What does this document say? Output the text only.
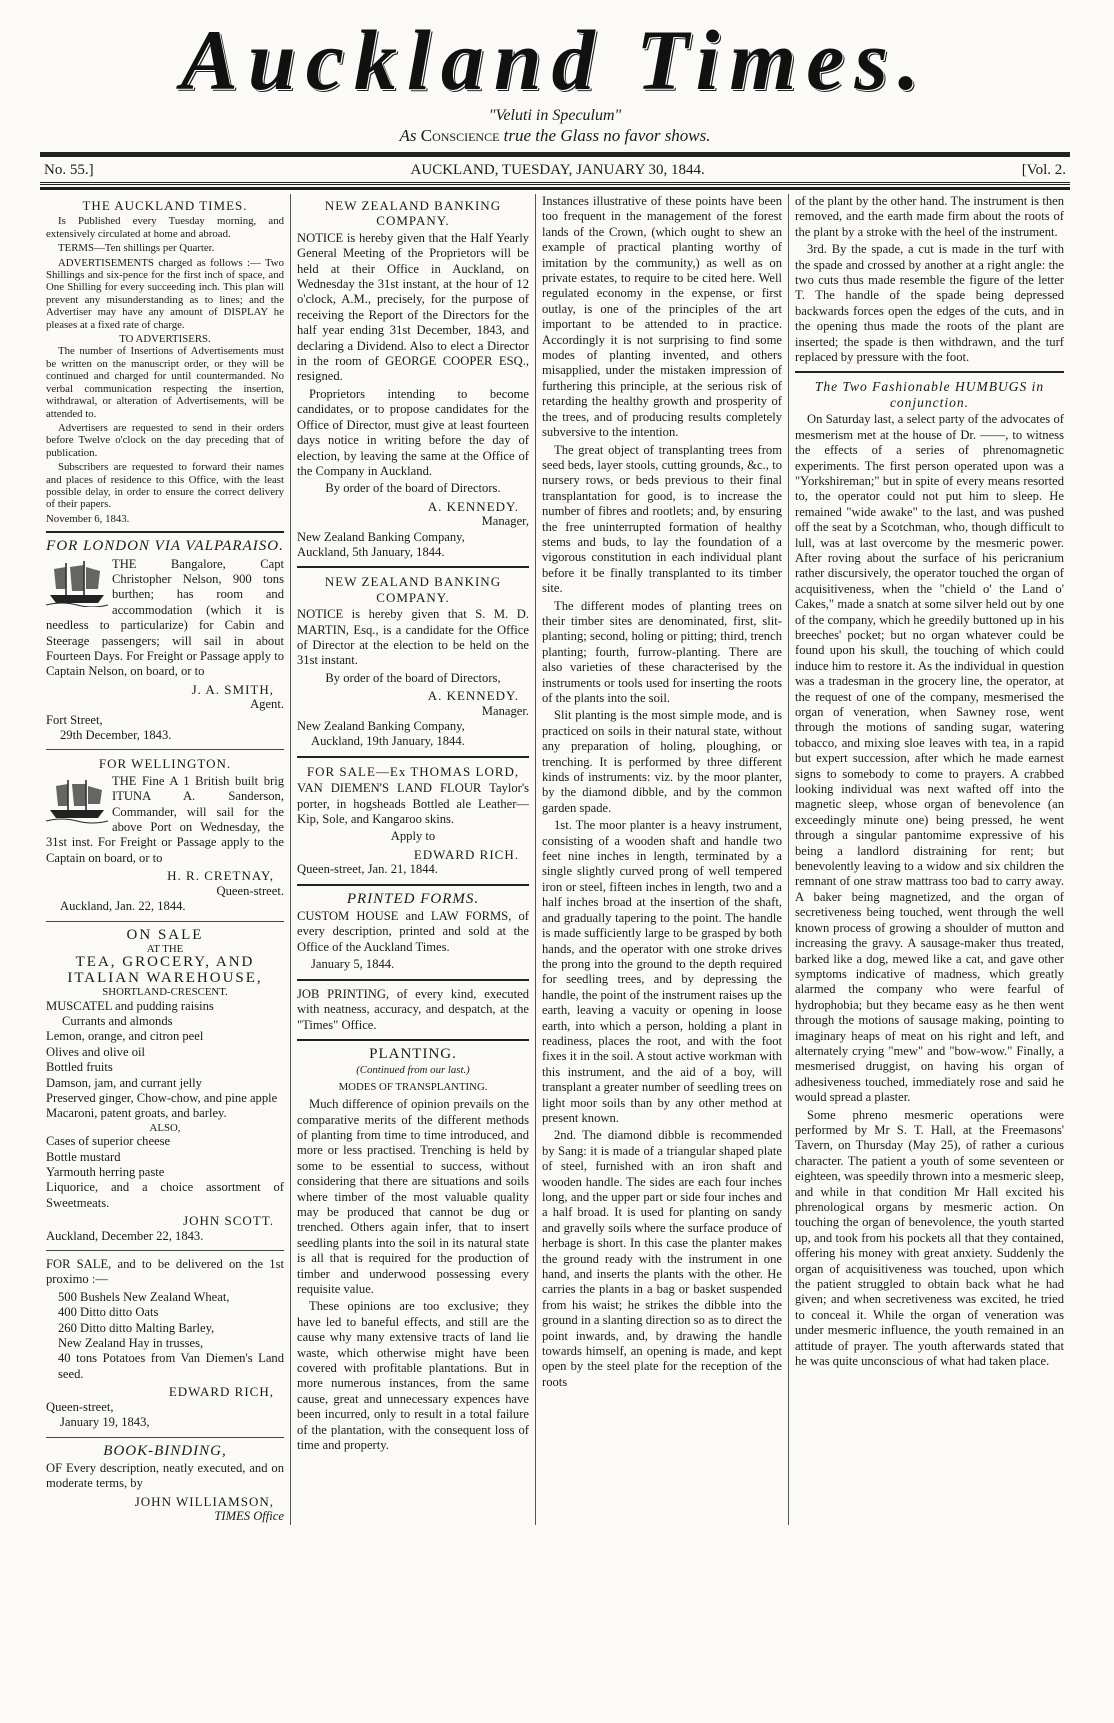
Auckland Times.
"Veluti in Speculum"
As Conscience true the Glass no favor shows.
No. 55.]	AUCKLAND, TUESDAY, JANUARY 30, 1844.	[Vol. 2.
THE AUCKLAND TIMES.

Is Published every Tuesday morning, and extensively circulated at home and abroad.

TERMS—Ten shillings per Quarter.

ADVERTISEMENTS charged as follows :— Two Shillings and six-pence for the first inch of space, and One Shilling for every succeeding inch. This plan will prevent any misunderstanding as to lines; and the Advertiser may have any amount of DISPLAY he pleases at a fixed rate of charge.

TO ADVERTISERS.

The number of Insertions of Advertisements must be written on the manuscript order, or they will be continued and charged for until countermanded. No verbal communication respecting the insertion, withdrawal, or alteration of Advertisements, will be attended to.

Advertisers are requested to send in their orders before Twelve o'clock on the day preceding that of publication.

Subscribers are requested to forward their names and places of residence to this Office, with the least possible delay, in order to ensure the correct delivery of their papers.

November 6, 1843.
FOR LONDON VIA VALPARAISO.

THE Bangalore, Capt Christopher Nelson, 900 tons burthen; has room and accommodation (which it is needless to particularize) for Cabin and Steerage passengers; will sail in about Fourteen Days. For Freight or Passage apply to Captain Nelson, on board, or to

J. A. SMITH,
Agent.
Fort Street,
29th December, 1843.
FOR WELLINGTON.

THE Fine A 1 British built brig ITUNA A. Sanderson, Commander, will sail for the above Port on Wednesday, the 31st inst. For Freight or Passage apply to the Captain on board, or to

H. R. CRETNAY,
Queen-street.
Auckland, Jan. 22, 1844.
ON SALE
AT THE
TEA, GROCERY, AND ITALIAN WAREHOUSE,
SHORTLAND-CRESCENT.
MUSCATEL and pudding raisins
Currants and almonds
Lemon, orange, and citron peel
Olives and olive oil
Bottled fruits
Damson, jam, and currant jelly
Preserved ginger, Chow-chow, and pine apple
Macaroni, patent groats, and barley.
ALSO,
Cases of superior cheese
Bottle mustard
Yarmouth herring paste
Liquorice, and a choice assortment of Sweetmeats.
JOHN SCOTT.
Auckland, December 22, 1843.

FOR SALE, and to be delivered on the 1st proximo :—

500 Bushels New Zealand Wheat,
400 Ditto ditto Oats
260 Ditto ditto Malting Barley,
New Zealand Hay in trusses,
40 tons Potatoes from Van Diemen's Land seed.
EDWARD RICH,
Queen-street,
January 19, 1843,
BOOK-BINDING,

OF Every description, neatly executed, and on moderate terms, by

JOHN WILLIAMSON,
TIMES Office
NEW ZEALAND BANKING COMPANY.

NOTICE is hereby given that the Half Yearly General Meeting of the Proprietors will be held at their Office in Auckland, on Wednesday the 31st instant, at the hour of 12 o'clock, A.M., precisely, for the purpose of receiving the Report of the Directors for the half year ending 31st December, 1843, and declaring a Dividend. Also to elect a Director in the room of GEORGE COOPER ESQ., resigned.

Proprietors intending to become candidates, or to propose candidates for the Office of Director, must give at least fourteen days notice in writing before the day of election, by leaving the same at the Office of the Company in Auckland.

By order of the board of Directors.
A. KENNEDY.
Manager,
New Zealand Banking Company,
Auckland, 5th January, 1844.
NEW ZEALAND BANKING COMPANY.

NOTICE is hereby given that S. M. D. MARTIN, Esq., is a candidate for the Office of Director at the election to be held on the 31st instant.

By order of the board of Directors,
A. KENNEDY.
Manager.
New Zealand Banking Company,
Auckland, 19th January, 1844.
FOR SALE—Ex THOMAS LORD,

VAN DIEMEN'S LAND FLOUR Taylor's porter, in hogsheads Bottled ale Leather—Kip, Sole, and Kangaroo skins.

Apply to
EDWARD RICH.
Queen-street, Jan. 21, 1844.
PRINTED FORMS.

CUSTOM HOUSE and LAW FORMS, of every description, printed and sold at the Office of the Auckland Times.

January 5, 1844.

JOB PRINTING, of every kind, executed with neatness, accuracy, and despatch, at the "Times" Office.

PLANTING.
(Continued from our last.)
MODES OF TRANSPLANTING.

Much difference of opinion prevails on the comparative merits of the different methods of planting from time to time introduced, and more or less practised. Trenching is held by some to be essential to success, without considering that there are situations and soils where timber of the most valuable quality may be produced that cannot be dug or trenched. Others again infer, that to insert seedling plants into the soil in its natural state is all that is required for the production of timber and underwood possessing every requisite value.

These opinions are too exclusive; they have led to baneful effects, and still are the cause why many extensive tracts of land lie waste, which otherwise might have been covered with profitable plantations. But in more numerous instances, from the same cause, great and unnecessary expences have been incurred, only to result in a total failure of the plantation, with the consequent loss of time and property.

Instances illustrative of these points have been too frequent in the management of the forest lands of the Crown, (which ought to shew an example of practical planting worthy of imitation by the community,) as well as on private estates, to require to be cited here. Well regulated economy in the expense, or first outlay, is one of the principles of the art important to be attended to in practice. Accordingly it is not surprising to find some modes of planting invented, and others misapplied, under the mistaken impression of furthering this principle, at the serious risk of retarding the healthy growth and prosperity of the trees, and of producing results completely subversive to the intention.

The great object of transplanting trees from seed beds, layer stools, cutting grounds, &c., to nursery rows, or beds previous to their final transplantation for good, is to increase the number of fibres and rootlets; and, by ensuring the free uninterrupted formation of healthy stems and buds, to lay the foundation of a vigorous constitution in each individual plant before it be finally transplanted to its timber site.

The different modes of planting trees on their timber sites are denominated, first, slit-planting; second, holing or pitting; third, trench planting; fourth, furrow-planting. There are also varieties of these characterised by the instruments or tools used for inserting the roots of the plants into the soil.

Slit planting is the most simple mode, and is practiced on soils in their natural state, without any preparation of holing, ploughing, or trenching. It is performed by three different kinds of instruments: viz. by the moor planter, by the diamond dibble, and by the common garden spade.

1st. The moor planter is a heavy instrument, consisting of a wooden shaft and handle two feet nine inches in length, terminated by a single slightly curved prong of well tempered iron or steel, fifteen inches in length, two and a half inches broad at the insertion of the shaft, and gradually tapering to the point. The handle is made sufficiently large to be grasped by both hands, and the operator with one stroke drives the prong into the ground to the depth required for seedling trees, and by depressing the handle, the point of the instrument raises up the earth, leaving a vacuity or opening in loose earth, into which a person, holding a plant in readiness, places the root, and with the foot fixes it in the soil. A stout active workman with this instrument, and the aid of a boy, will transplant a greater number of seedling trees on light moor soils than by any other method at present known.

2nd. The diamond dibble is recommended by Sang: it is made of a triangular shaped plate of steel, furnished with an iron shaft and wooden handle. The sides are each four inches long, and the upper part or side four inches and a half broad. It is used for planting on sandy and gravelly soils where the surface produce of herbage is short. In this case the planter makes the ground ready with the instrument in one hand, and inserts the plants with the other. He carries the plants in a bag or basket suspended from his waist; he strikes the dibble into the ground in a slanting direction so as to direct the point inwards, and, by drawing the handle towards himself, an opening is made, and kept open by the steel plate for the reception of the roots

of the plant by the other hand. The instrument is then removed, and the earth made firm about the roots of the plant by a stroke with the heel of the instrument.

3rd. By the spade, a cut is made in the turf with the spade and crossed by another at a right angle: the two cuts thus made resemble the figure of the letter T. The handle of the spade being depressed backwards forces open the edges of the cuts, and in the opening thus made the roots of the plant are inserted; the spade is then withdrawn, and the turf replaced by pressure with the foot.

The Two Fashionable HUMBUGS in conjunction.

On Saturday last, a select party of the advocates of mesmerism met at the house of Dr. ——, to witness the effects of a series of phrenomagnetic experiments. The first person operated upon was a "Yorkshireman;" but in spite of every means resorted to, the operator could not put him to sleep. He remained "wide awake" to the last, and was pushed off the seat by a Scotchman, who, though difficult to lull, was at last overcome by the mesmeric power. After roving about the surface of his pericranium rather discursively, the operator touched the organ of acquisitiveness, when the "chield o' the Land o' Cakes," made a snatch at some silver held out by one of the company, which he greedily buttoned up in his breeches' pocket; but no organ whatever could be found upon his skull, the touching of which could induce him to restore it. As the individual in question was a tradesman in the grocery line, the operator, at the request of one of the company, mesmerised the organ of veneration, when Sawney rose, went through the motions of sanding sugar, watering tobacco, and mixing sloe leaves with tea, in a rapid but expert succession, after which he made earnest signs to somebody to come to prayers. A crabbed looking individual was next wafted off into the magnetic sleep, whose organ of benevolence (an exceedingly minute one) being pressed, he went through a singular pantomime expressive of his being a landlord distraining for rent; but benevolently leaving to a widow and six children the remnant of one straw mattrass too bad to carry away. A baker being magnetized, and the organ of secretiveness being touched, went through the well known process of growing a shoulder of mutton and increasing the gravy. A sausage-maker thus treated, barked like a dog, mewed like a cat, and gave other symptoms indicative of madness, which greatly alarmed the company who were fearful of hydrophobia; but they became easy as he then went through the motions of sausage making, pointing to imaginary heaps of meat on his right and left, and alternately crying "mew" and "bow-wow." Finally, a mesmerised druggist, on having his organ of adhesiveness touched, immediately rose and said he would spread a plaster.

Some phreno mesmeric operations were performed by Mr S. T. Hall, at the Freemasons' Tavern, on Thursday (May 25), of rather a curious character. The patient a youth of some seventeen or eighteen, was speedily thrown into a mesmeric sleep, and while in that condition Mr Hall excited his phrenological organs by mesmeric action. On touching the organ of benevolence, the youth started up, and took from his pockets all that they contained, offering his money with great anxiety. Suddenly the organ of acquisitiveness was touched, upon which the patient struggled to obtain back what he had given; and when secretiveness was excited, he tried to conceal it. While the organ of veneration was under mesmeric influence, the youth remained in an attitude of prayer. The youth afterwards stated that he was quite unconscious of what had taken place.
